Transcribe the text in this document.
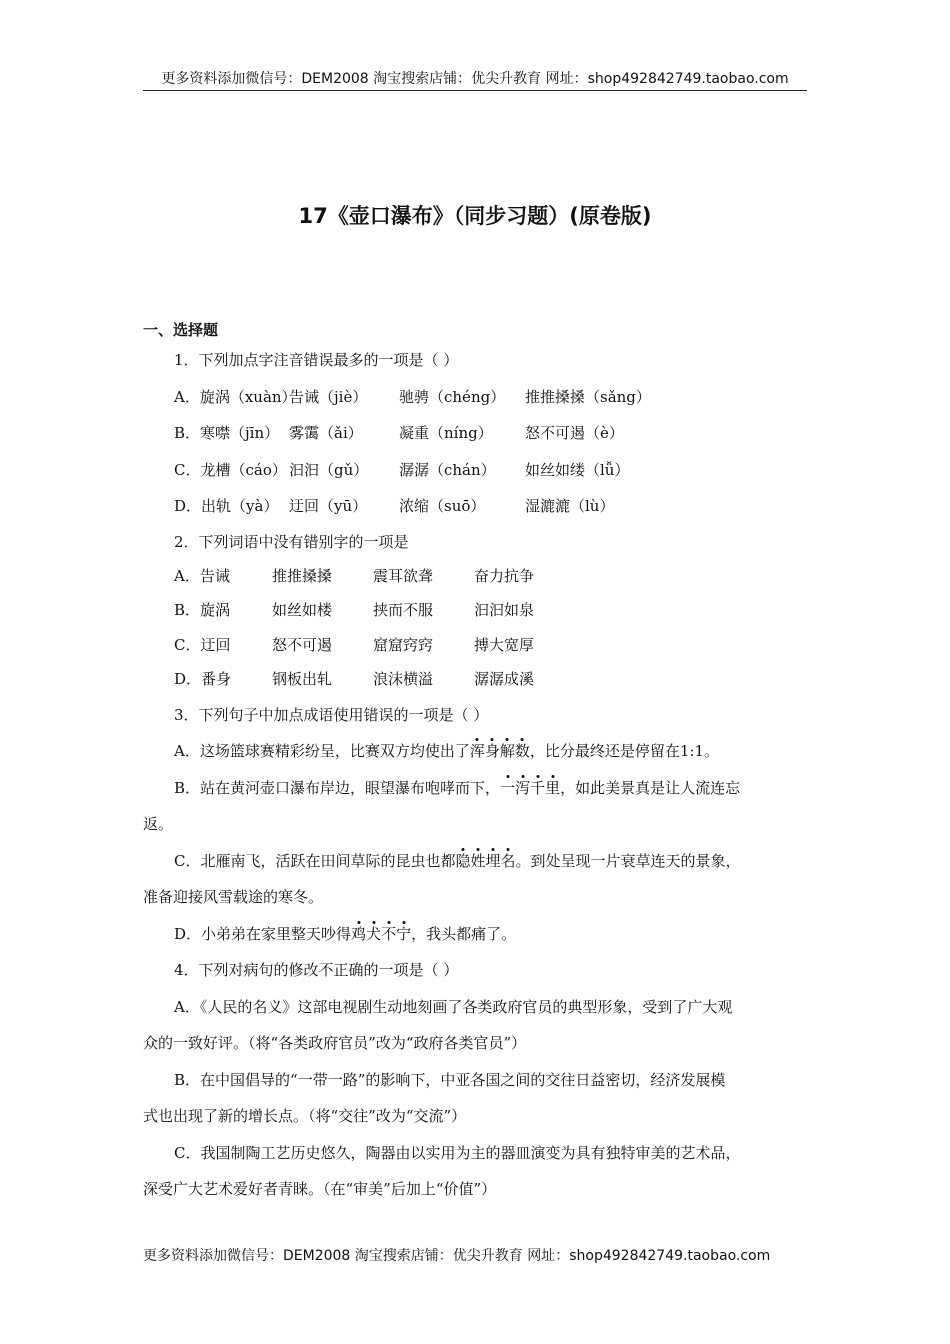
更多资料添加微信号：DEM2008 淘宝搜索店铺：优尖升教育 网址：shop492842749.taobao.com
17《壶口瀑布》（同步习题）(原卷版)
一、选择题
1．下列加点字注音错误最多的一项是（ ）
A．旋涡（xuàn）告诫（jiè） 驰骋（chéng） 推推搡搡（sǎng）
B．寒噤（jīn） 雾霭（ǎi） 凝重（níng） 怒不可遏（è）
C．龙槽（cáo） 汩汩（gǔ） 潺潺（chán） 如丝如缕（lǚ）
D．出轨（yà） 迂回（yū） 浓缩（suō）	湿漉漉（lù）
2．下列词语中没有错别字的一项是
A．告诫	推推搡搡	震耳欲聋	奋力抗争
B．旋涡	如丝如楼	挟而不服	汩汩如泉
C．迂回	怒不可遏	窟窟窍窍	搏大宽厚
D．番身	钢板出轧	浪沫横溢	潺潺成溪
3．下列句子中加点成语使用错误的一项是（ ）
A．这场篮球赛精彩纷呈，比赛双方均使出了浑身解数，比分最终还是停留在1:1。
B．站在黄河壶口瀑布岸边，眼望瀑布咆哮而下，一泻千里，如此美景真是让人流连忘
返。
C．北雁南飞，活跃在田间草际的昆虫也都隐姓埋名。到处呈现一片衰草连天的景象，
准备迎接风雪载途的寒冬。
D．小弟弟在家里整天吵得鸡犬不宁，我头都痛了。
4．下列对病句的修改不正确的一项是（ ）
A．《人民的名义》这部电视剧生动地刻画了各类政府官员的典型形象，受到了广大观
众的一致好评。（将“各类政府官员”改为“政府各类官员”）
B．在中国倡导的“一带一路”的影响下，中亚各国之间的交往日益密切，经济发展模
式也出现了新的增长点。（将“交往”改为“交流”）
C．我国制陶工艺历史悠久，陶器由以实用为主的器皿演变为具有独特审美的艺术品，
深受广大艺术爱好者青睐。（在“审美”后加上“价值”）
更多资料添加微信号：DEM2008 淘宝搜索店铺：优尖升教育 网址：shop492842749.taobao.com
